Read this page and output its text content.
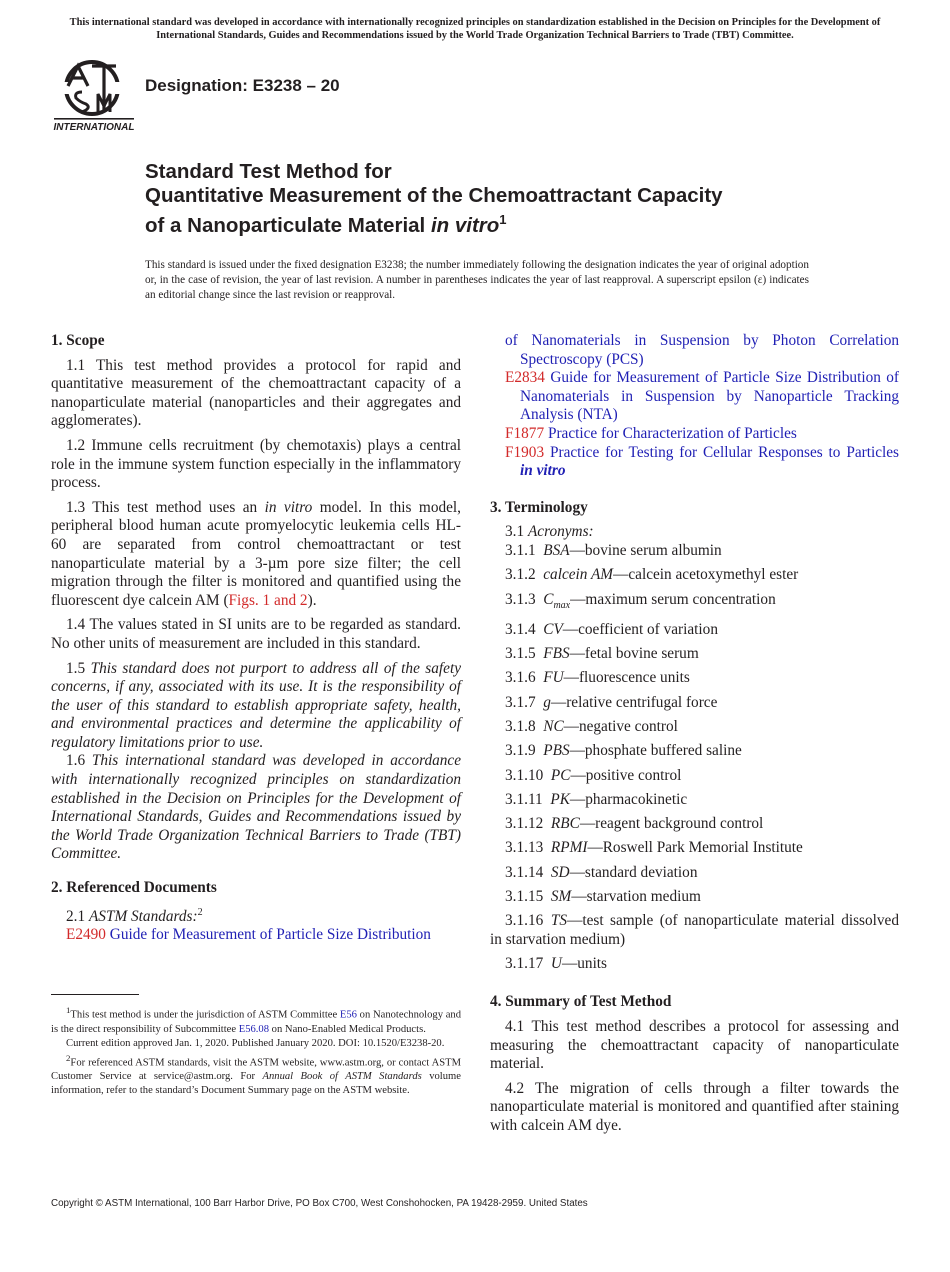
This international standard was developed in accordance with internationally recognized principles on standardization established in the Decision on Principles for the Development of International Standards, Guides and Recommendations issued by the World Trade Organization Technical Barriers to Trade (TBT) Committee.
INTERNATIONAL
Designation: E3238 – 20
Standard Test Method for
Quantitative Measurement of the Chemoattractant Capacity
of a Nanoparticulate Material in vitro$^1$
This standard is issued under the fixed designation E3238; the number immediately following the designation indicates the year of original adoption or, in the case of revision, the year of last revision. A number in parentheses indicates the year of last reapproval. A superscript epsilon (ε) indicates an editorial change since the last revision or reapproval.
1. Scope

1.1 This test method provides a protocol for rapid and quantitative measurement of the chemoattractant capacity of a nanoparticulate material (nanoparticles and their aggregates and agglomerates).

1.2 Immune cells recruitment (by chemotaxis) plays a central role in the immune system function especially in the inflammatory process.

1.3 This test method uses an in vitro model. In this model, peripheral blood human acute promyelocytic leukemia cells HL-60 are separated from control chemoattractant or test nanoparticulate material by a 3-µm pore size filter; the cell migration through the filter is monitored and quantified using the fluorescent dye calcein AM (Figs. 1 and 2).

1.4 The values stated in SI units are to be regarded as standard. No other units of measurement are included in this standard.

1.5 This standard does not purport to address all of the safety concerns, if any, associated with its use. It is the responsibility of the user of this standard to establish appropriate safety, health, and environmental practices and determine the applicability of regulatory limitations prior to use.

1.6 This international standard was developed in accordance with internationally recognized principles on standardization established in the Decision on Principles for the Development of International Standards, Guides and Recommendations issued by the World Trade Organization Technical Barriers to Trade (TBT) Committee.

2. Referenced Documents
2.1 ASTM Standards:$^2$
E2490 Guide for Measurement of Particle Size Distribution

$^1$This test method is under the jurisdiction of ASTM Committee E56 on Nanotechnology and is the direct responsibility of Subcommittee E56.08 on Nano-Enabled Medical Products.

Current edition approved Jan. 1, 2020. Published January 2020. DOI: 10.1520/E3238-20.

$^2$For referenced ASTM standards, visit the ASTM website, www.astm.org, or contact ASTM Customer Service at service@astm.org. For Annual Book of ASTM Standards volume information, refer to the standard’s Document Summary page on the ASTM website.

of Nanomaterials in Suspension by Photon Correlation Spectroscopy (PCS)
E2834 Guide for Measurement of Particle Size Distribution of Nanomaterials in Suspension by Nanoparticle Tracking Analysis (NTA)
F1877 Practice for Characterization of Particles
F1903 Practice for Testing for Cellular Responses to Particles in vitro
3. Terminology
3.1 Acronyms:
3.1.1  BSA—bovine serum albumin
3.1.2  calcein AM—calcein acetoxymethyl ester
3.1.3  $C_{max}—maximum$ serum concentration
3.1.4  CV—coefficient of variation
3.1.5  FBS—fetal bovine serum
3.1.6  FU—fluorescence units
3.1.7  g—relative centrifugal force
3.1.8  NC—negative control
3.1.9  PBS—phosphate buffered saline
3.1.10  PC—positive control
3.1.11  PK—pharmacokinetic
3.1.12  RBC—reagent background control
3.1.13  RPMI—Roswell Park Memorial Institute
3.1.14  SD—standard deviation
3.1.15  SM—starvation medium
3.1.16  TS—test sample (of nanoparticulate material dissolved in starvation medium)
3.1.17  U—units
4. Summary of Test Method

4.1 This test method describes a protocol for assessing and measuring the chemoattractant capacity of nanoparticulate material.

4.2 The migration of cells through a filter towards the nanoparticulate material is monitored and quantified after staining with calcein AM dye.

Copyright © ASTM International, 100 Barr Harbor Drive, PO Box C700, West Conshohocken, PA 19428-2959. United States
